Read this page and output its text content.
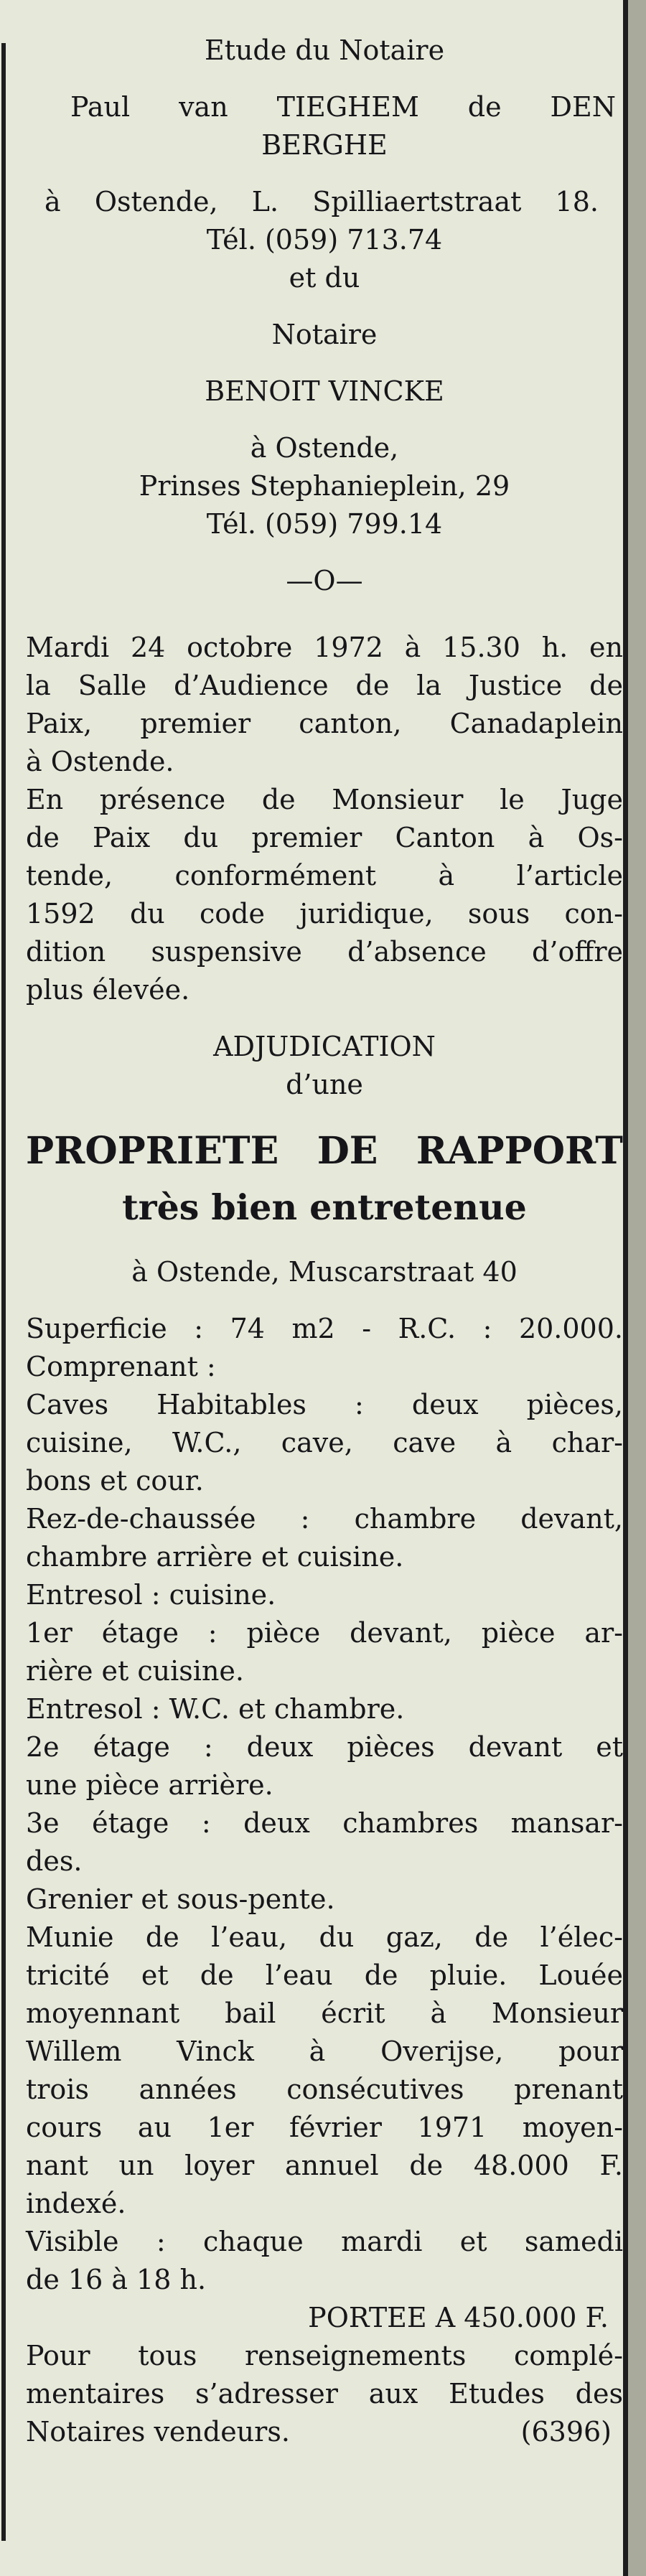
Etude du Notaire
Paul van TIEGHEM de DEN
BERGHE
à Ostende, L. Spilliaertstraat 18.
Tél. (059) 713.74
et du
Notaire
BENOIT VINCKE
à Ostende,
Prinses Stephanieplein, 29
Tél. (059) 799.14
—O—
Mardi 24 octobre 1972 à 15.30 h. en
la Salle d’Audience de la Justice de
Paix, premier canton, Canadaplein
à Ostende.
En présence de Monsieur le Juge
de Paix du premier Canton à Os-
tende, conformément à l’article
1592 du code juridique, sous con-
dition suspensive d’absence d’offre
plus élevée.
ADJUDICATION
d’une
PROPRIETE DE RAPPORT
très bien entretenue
à Ostende, Muscarstraat 40
Superficie : 74 m2 - R.C. : 20.000.
Comprenant :
Caves Habitables : deux pièces,
cuisine, W.C., cave, cave à char-
bons et cour.
Rez-de-chaussée : chambre devant,
chambre arrière et cuisine.
Entresol : cuisine.
1er étage : pièce devant, pièce ar-
rière et cuisine.
Entresol : W.C. et chambre.
2e étage : deux pièces devant et
une pièce arrière.
3e étage : deux chambres mansar-
des.
Grenier et sous-pente.
Munie de l’eau, du gaz, de l’élec-
tricité et de l’eau de pluie. Louée
moyennant bail écrit à Monsieur
Willem Vinck à Overijse, pour
trois années consécutives prenant
cours au 1er février 1971 moyen-
nant un loyer annuel de 48.000 F.
indexé.
Visible : chaque mardi et samedi
de 16 à 18 h.
PORTEE A 450.000 F.
Pour tous renseignements complé-
mentaires s’adresser aux Etudes des
Notaires vendeurs.	(6396)
